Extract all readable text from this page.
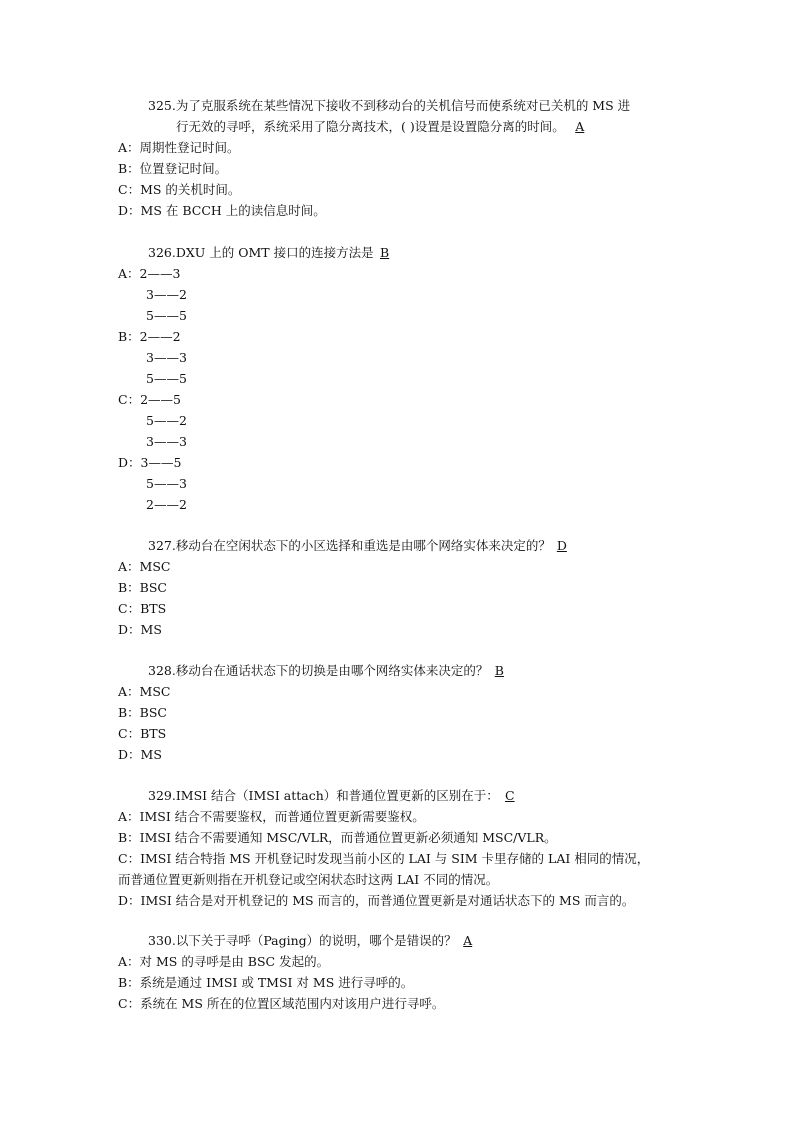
325.为了克服系统在某些情况下接收不到移动台的关机信号而使系统对已关机的 MS 进
行无效的寻呼，系统采用了隐分离技术，( )设置是设置隐分离的时间。 A
A：周期性登记时间。
B：位置登记时间。
C：MS 的关机时间。
D：MS 在 BCCH 上的读信息时间。
326.DXU 上的 OMT 接口的连接方法是 B
A：2——3
3——2
5——5
B：2——2
3——3
5——5
C：2——5
5——2
3——3
D：3——5
5——3
2——2
327.移动台在空闲状态下的小区选择和重选是由哪个网络实体来决定的？ D
A：MSC
B：BSC
C：BTS
D：MS
328.移动台在通话状态下的切换是由哪个网络实体来决定的？ B
A：MSC
B：BSC
C：BTS
D：MS
329.IMSI 结合（IMSI attach）和普通位置更新的区别在于： C
A：IMSI 结合不需要鉴权，而普通位置更新需要鉴权。
B：IMSI 结合不需要通知 MSC/VLR，而普通位置更新必须通知 MSC/VLR。
C：IMSI 结合特指 MS 开机登记时发现当前小区的 LAI 与 SIM 卡里存储的 LAI 相同的情况，
而普通位置更新则指在开机登记或空闲状态时这两 LAI 不同的情况。
D：IMSI 结合是对开机登记的 MS 而言的，而普通位置更新是对通话状态下的 MS 而言的。
330.以下关于寻呼（Paging）的说明，哪个是错误的？ A
A：对 MS 的寻呼是由 BSC 发起的。
B：系统是通过 IMSI 或 TMSI 对 MS 进行寻呼的。
C：系统在 MS 所在的位置区域范围内对该用户进行寻呼。
